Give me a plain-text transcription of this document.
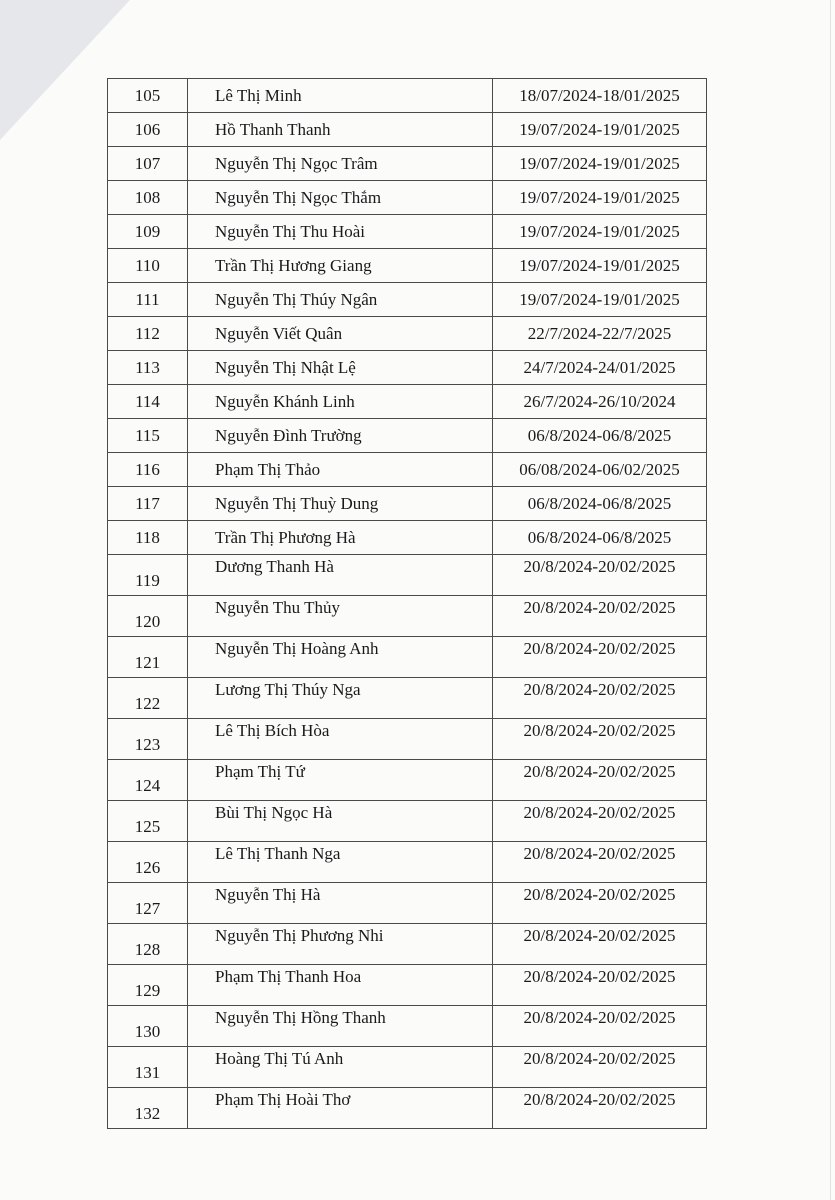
105	Lê Thị Minh	18/07/2024-18/01/2025
106	Hồ Thanh Thanh	19/07/2024-19/01/2025
107	Nguyễn Thị Ngọc Trâm	19/07/2024-19/01/2025
108	Nguyễn Thị Ngọc Thắm	19/07/2024-19/01/2025
109	Nguyễn Thị Thu Hoài	19/07/2024-19/01/2025
110	Trần Thị Hương Giang	19/07/2024-19/01/2025
111	Nguyễn Thị Thúy Ngân	19/07/2024-19/01/2025
112	Nguyễn Viết Quân	22/7/2024-22/7/2025
113	Nguyễn Thị Nhật Lệ	24/7/2024-24/01/2025
114	Nguyễn Khánh Linh	26/7/2024-26/10/2024
115	Nguyễn Đình Trường	06/8/2024-06/8/2025
116	Phạm Thị Thảo	06/08/2024-06/02/2025
117	Nguyễn Thị Thuỳ Dung	06/8/2024-06/8/2025
118	Trần Thị Phương Hà	06/8/2024-06/8/2025
119	Dương Thanh Hà	20/8/2024-20/02/2025
120	Nguyễn Thu Thủy	20/8/2024-20/02/2025
121	Nguyễn Thị Hoàng Anh	20/8/2024-20/02/2025
122	Lương Thị Thúy Nga	20/8/2024-20/02/2025
123	Lê Thị Bích Hòa	20/8/2024-20/02/2025
124	Phạm Thị Tứ	20/8/2024-20/02/2025
125	Bùi Thị Ngọc Hà	20/8/2024-20/02/2025
126	Lê Thị Thanh Nga	20/8/2024-20/02/2025
127	Nguyễn Thị Hà	20/8/2024-20/02/2025
128	Nguyễn Thị Phương Nhi	20/8/2024-20/02/2025
129	Phạm Thị Thanh Hoa	20/8/2024-20/02/2025
130	Nguyễn Thị Hồng Thanh	20/8/2024-20/02/2025
131	Hoàng Thị Tú Anh	20/8/2024-20/02/2025
132	Phạm Thị Hoài Thơ	20/8/2024-20/02/2025
